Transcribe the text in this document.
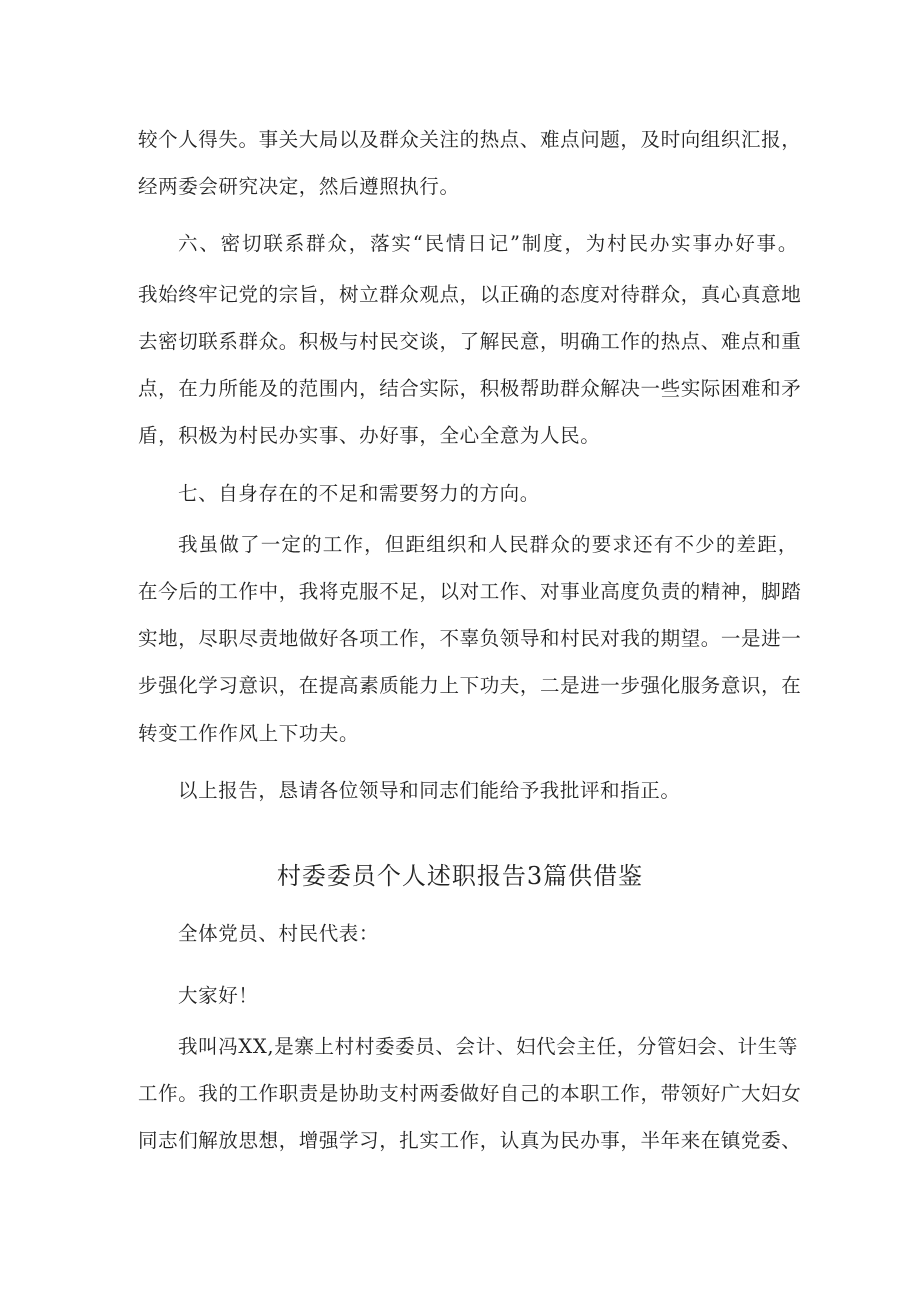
较个人得失。事关大局以及群众关注的热点、难点问题，及时向组织汇报，
经两委会研究决定，然后遵照执行。
六、密切联系群众，落实“民情日记”制度，为村民办实事办好事。
我始终牢记党的宗旨，树立群众观点，以正确的态度对待群众，真心真意地
去密切联系群众。积极与村民交谈，了解民意，明确工作的热点、难点和重
点，在力所能及的范围内，结合实际，积极帮助群众解决一些实际困难和矛
盾，积极为村民办实事、办好事，全心全意为人民。
七、自身存在的不足和需要努力的方向。
我虽做了一定的工作，但距组织和人民群众的要求还有不少的差距，
在今后的工作中，我将克服不足，以对工作、对事业高度负责的精神，脚踏
实地，尽职尽责地做好各项工作，不辜负领导和村民对我的期望。一是进一
步强化学习意识，在提高素质能力上下功夫，二是进一步强化服务意识，在
转变工作作风上下功夫。
以上报告，恳请各位领导和同志们能给予我批评和指正。
村委委员个人述职报告3篇供借鉴
全体党员、村民代表：
大家好！
我叫冯XX,是寨上村村委委员、会计、妇代会主任，分管妇会、计生等
工作。我的工作职责是协助支村两委做好自己的本职工作，带领好广大妇女
同志们解放思想，增强学习，扎实工作，认真为民办事，半年来在镇党委、
